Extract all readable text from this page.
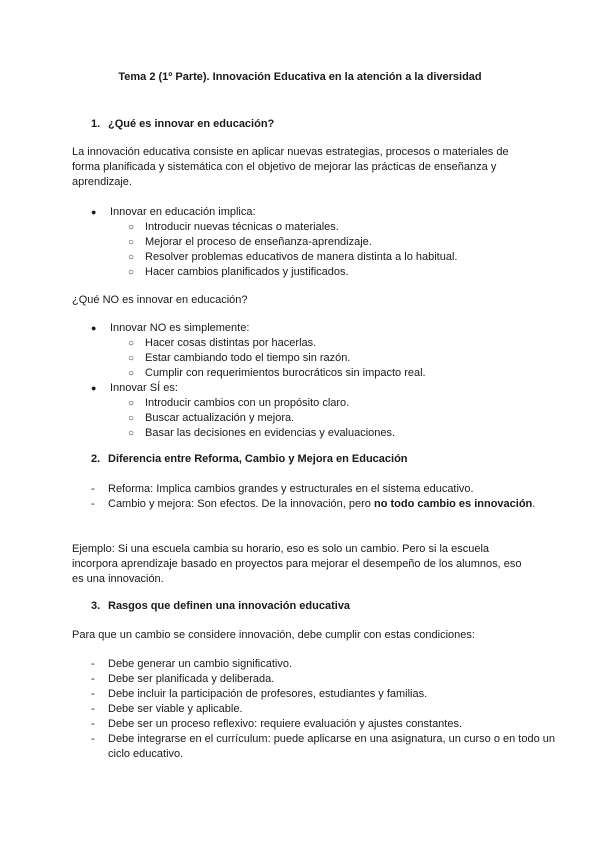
Tema 2 (1º Parte). Innovación Educativa en la atención a la diversidad
1. ¿Qué es innovar en educación?
La innovación educativa consiste en aplicar nuevas estrategias, procesos o materiales de forma planificada y sistemática con el objetivo de mejorar las prácticas de enseñanza y aprendizaje.
● Innovar en educación implica:
○ Introducir nuevas técnicas o materiales.
○ Mejorar el proceso de enseñanza-aprendizaje.
○ Resolver problemas educativos de manera distinta a lo habitual.
○ Hacer cambios planificados y justificados.
¿Qué NO es innovar en educación?
● Innovar NO es simplemente:
○ Hacer cosas distintas por hacerlas.
○ Estar cambiando todo el tiempo sin razón.
○ Cumplir con requerimientos burocráticos sin impacto real.
● Innovar SÍ es:
○ Introducir cambios con un propósito claro.
○ Buscar actualización y mejora.
○ Basar las decisiones en evidencias y evaluaciones.
2. Diferencia entre Reforma, Cambio y Mejora en Educación
- Reforma: Implica cambios grandes y estructurales en el sistema educativo.
- Cambio y mejora: Son efectos. De la innovación, pero no todo cambio es innovación.
Ejemplo: Si una escuela cambia su horario, eso es solo un cambio. Pero si la escuela incorpora aprendizaje basado en proyectos para mejorar el desempeño de los alumnos, eso es una innovación.
3. Rasgos que definen una innovación educativa
Para que un cambio se considere innovación, debe cumplir con estas condiciones:
- Debe generar un cambio significativo.
- Debe ser planificada y deliberada.
- Debe incluir la participación de profesores, estudiantes y familias.
- Debe ser viable y aplicable.
- Debe ser un proceso reflexivo: requiere evaluación y ajustes constantes.
- Debe integrarse en el currículum: puede aplicarse en una asignatura, un curso o en todo un ciclo educativo.
